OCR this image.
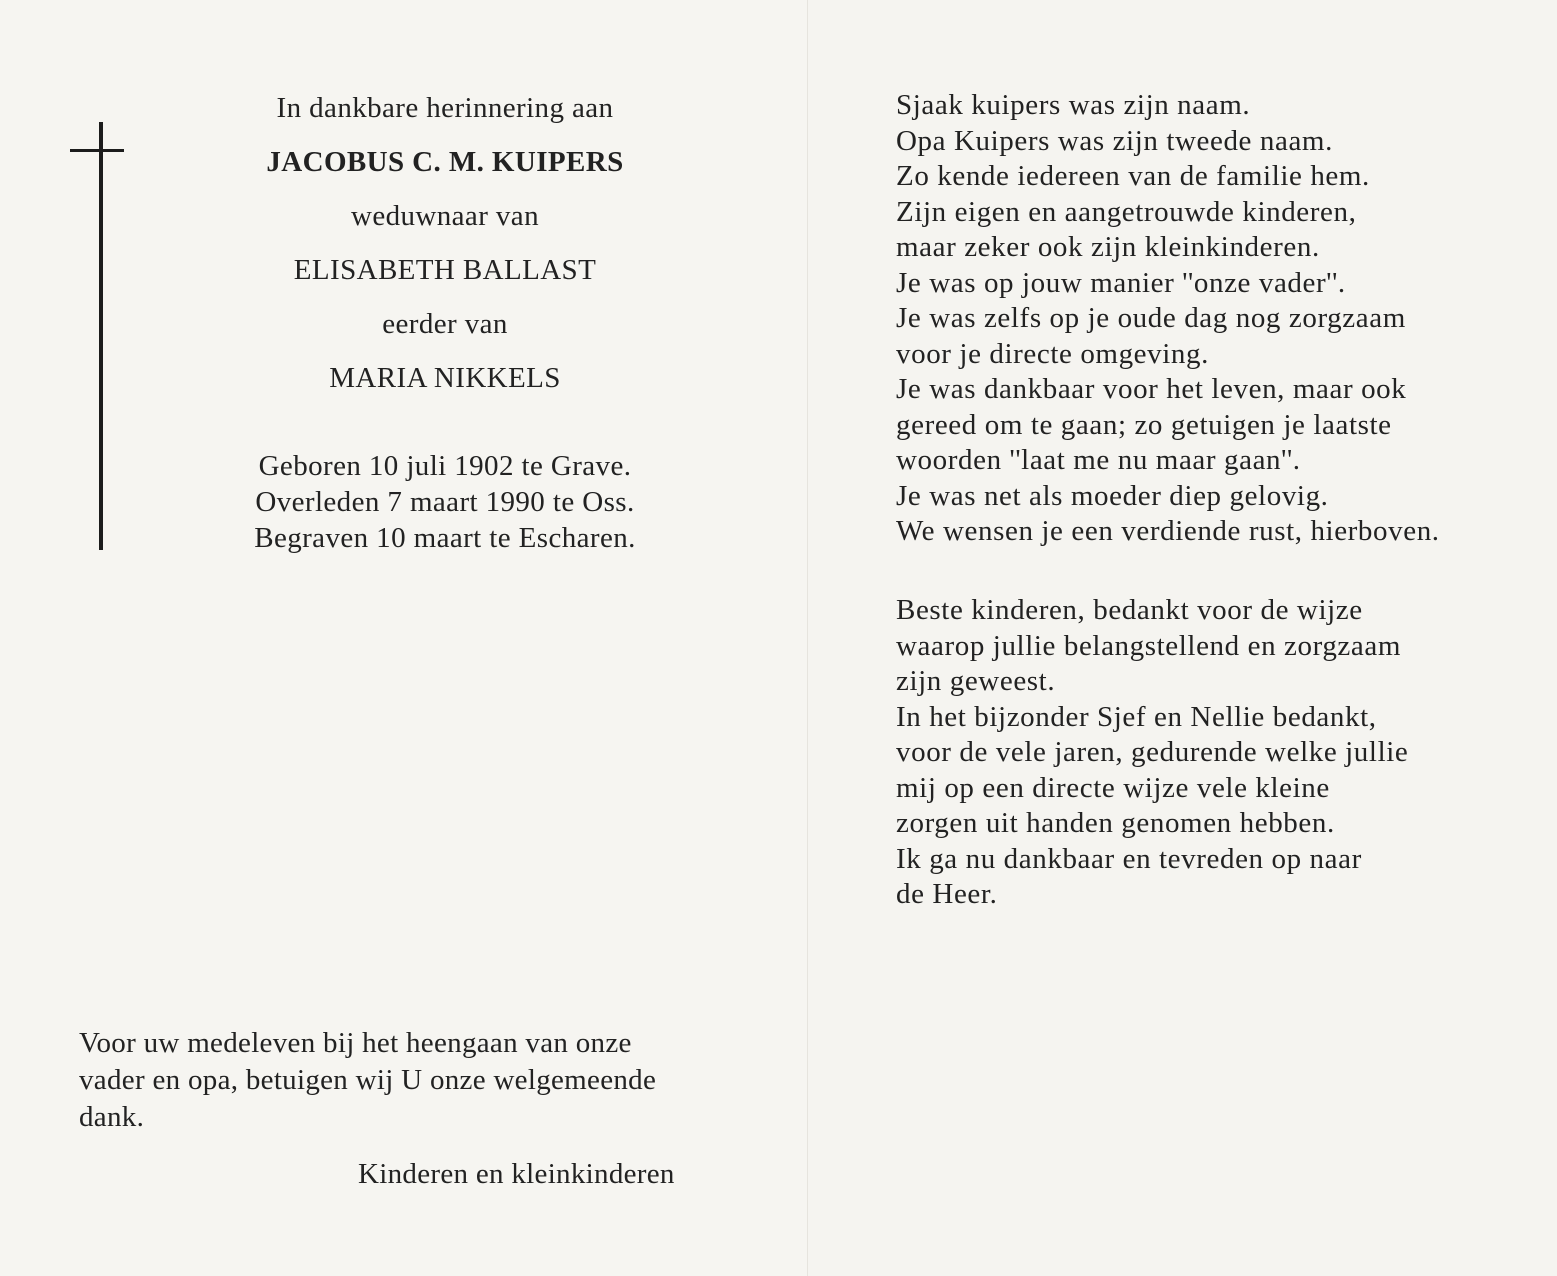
In dankbare herinnering aan
JACOBUS C. M. KUIPERS
weduwnaar van
ELISABETH BALLAST
eerder van
MARIA NIKKELS
Geboren 10 juli 1902 te Grave.
Overleden 7 maart 1990 te Oss.
Begraven 10 maart te Escharen.
Voor uw medeleven bij het heengaan van onze
vader en opa, betuigen wij U onze welgemeende
dank.
Kinderen en kleinkinderen
Sjaak kuipers was zijn naam.
Opa Kuipers was zijn tweede naam.
Zo kende iedereen van de familie hem.
Zijn eigen en aangetrouwde kinderen,
maar zeker ook zijn kleinkinderen.
Je was op jouw manier ''onze vader''.
Je was zelfs op je oude dag nog zorgzaam
voor je directe omgeving.
Je was dankbaar voor het leven, maar ook
gereed om te gaan; zo getuigen je laatste
woorden ''laat me nu maar gaan''.
Je was net als moeder diep gelovig.
We wensen je een verdiende rust, hierboven.
Beste kinderen, bedankt voor de wijze
waarop jullie belangstellend en zorgzaam
zijn geweest.
In het bijzonder Sjef en Nellie bedankt,
voor de vele jaren, gedurende welke jullie
mij op een directe wijze vele kleine
zorgen uit handen genomen hebben.
Ik ga nu dankbaar en tevreden op naar
de Heer.
